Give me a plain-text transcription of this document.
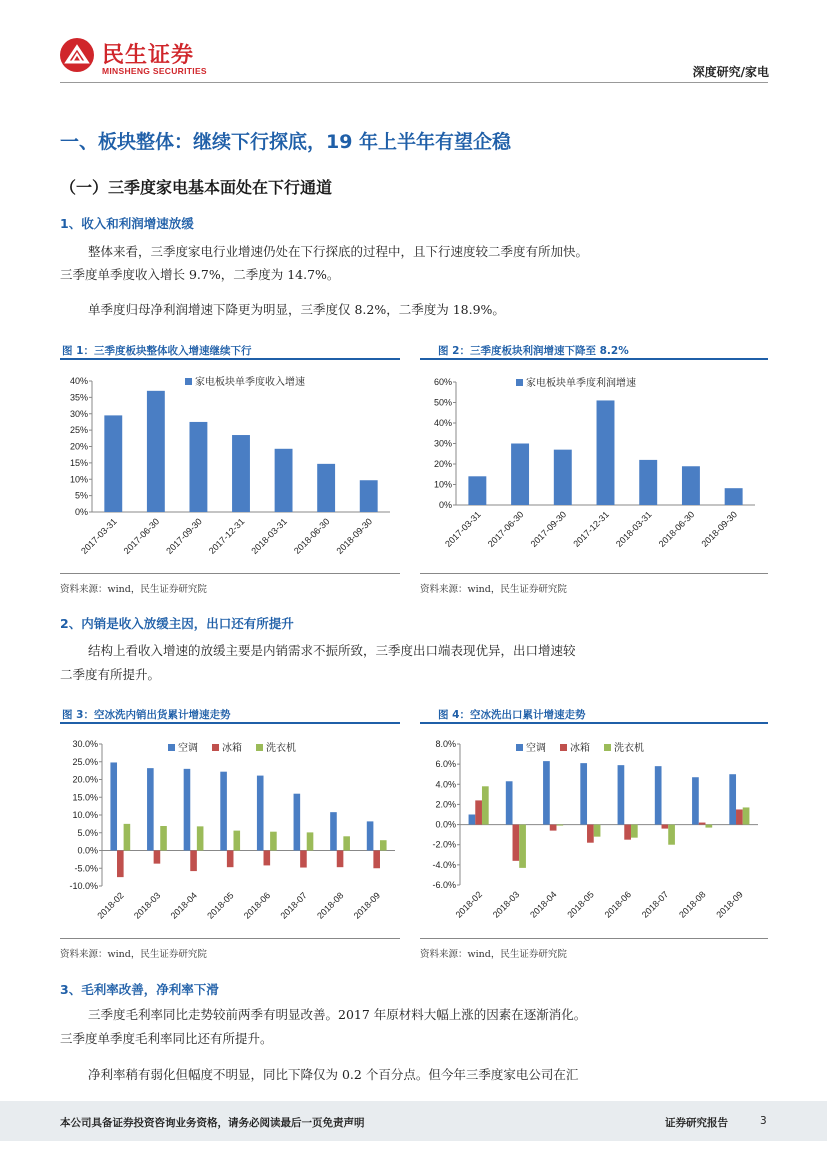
民生证券
MINSHENG SECURITIES	深度研究/家电
一、板块整体：继续下行探底，19 年上半年有望企稳
（一）三季度家电基本面处在下行通道
1、收入和利润增速放缓
整体来看，三季度家电行业增速仍处在下行探底的过程中，且下行速度较二季度有所加快。
三季度单季度收入增长 9.7%，二季度为 14.7%。
单季度归母净利润增速下降更为明显，三季度仅 8.2%，二季度为 18.9%。
图 1：三季度板块整体收入增速继续下行	图 2：三季度板块利润增速下降至 8.2%
0%
5%
10%
15%
20%
25%
30%
35%
40%
2017-03-31 2017-06-30 2017-09-30 2017-12-31 2018-03-31 2018-06-30 2018-09-30
家电板块单季度收入增速
0%
10%
20%
30%
40%
50%
60%
2017-03-31 2017-06-30 2017-09-30 2017-12-31 2018-03-31 2018-06-30 2018-09-30
家电板块单季度利润增速
资料来源：wind，民生证券研究院	资料来源：wind，民生证券研究院
2、内销是收入放缓主因，出口还有所提升
结构上看收入增速的放缓主要是内销需求不振所致，三季度出口端表现优异，出口增速较
二季度有所提升。
图 3：空冰洗内销出货累计增速走势	图 4：空冰洗出口累计增速走势
-10.0%
-5.0%
0.0%
5.0%
10.0%
15.0%
20.0%
25.0%
30.0%
2018-02 2018-03 2018-04 2018-05 2018-06 2018-07 2018-08 2018-09
空调 冰箱 洗衣机
-6.0%
-4.0%
-2.0%
0.0%
2.0%
4.0%
6.0%
8.0%
2018-02 2018-03 2018-04 2018-05 2018-06 2018-07 2018-08 2018-09
空调 冰箱 洗衣机
资料来源：wind，民生证券研究院	资料来源：wind，民生证券研究院
3、毛利率改善，净利率下滑
三季度毛利率同比走势较前两季有明显改善。2017 年原材料大幅上涨的因素在逐渐消化。
三季度单季度毛利率同比还有所提升。
净利率稍有弱化但幅度不明显，同比下降仅为 0.2 个百分点。但今年三季度家电公司在汇
本公司具备证券投资咨询业务资格，请务必阅读最后一页免责声明	证券研究报告	3
